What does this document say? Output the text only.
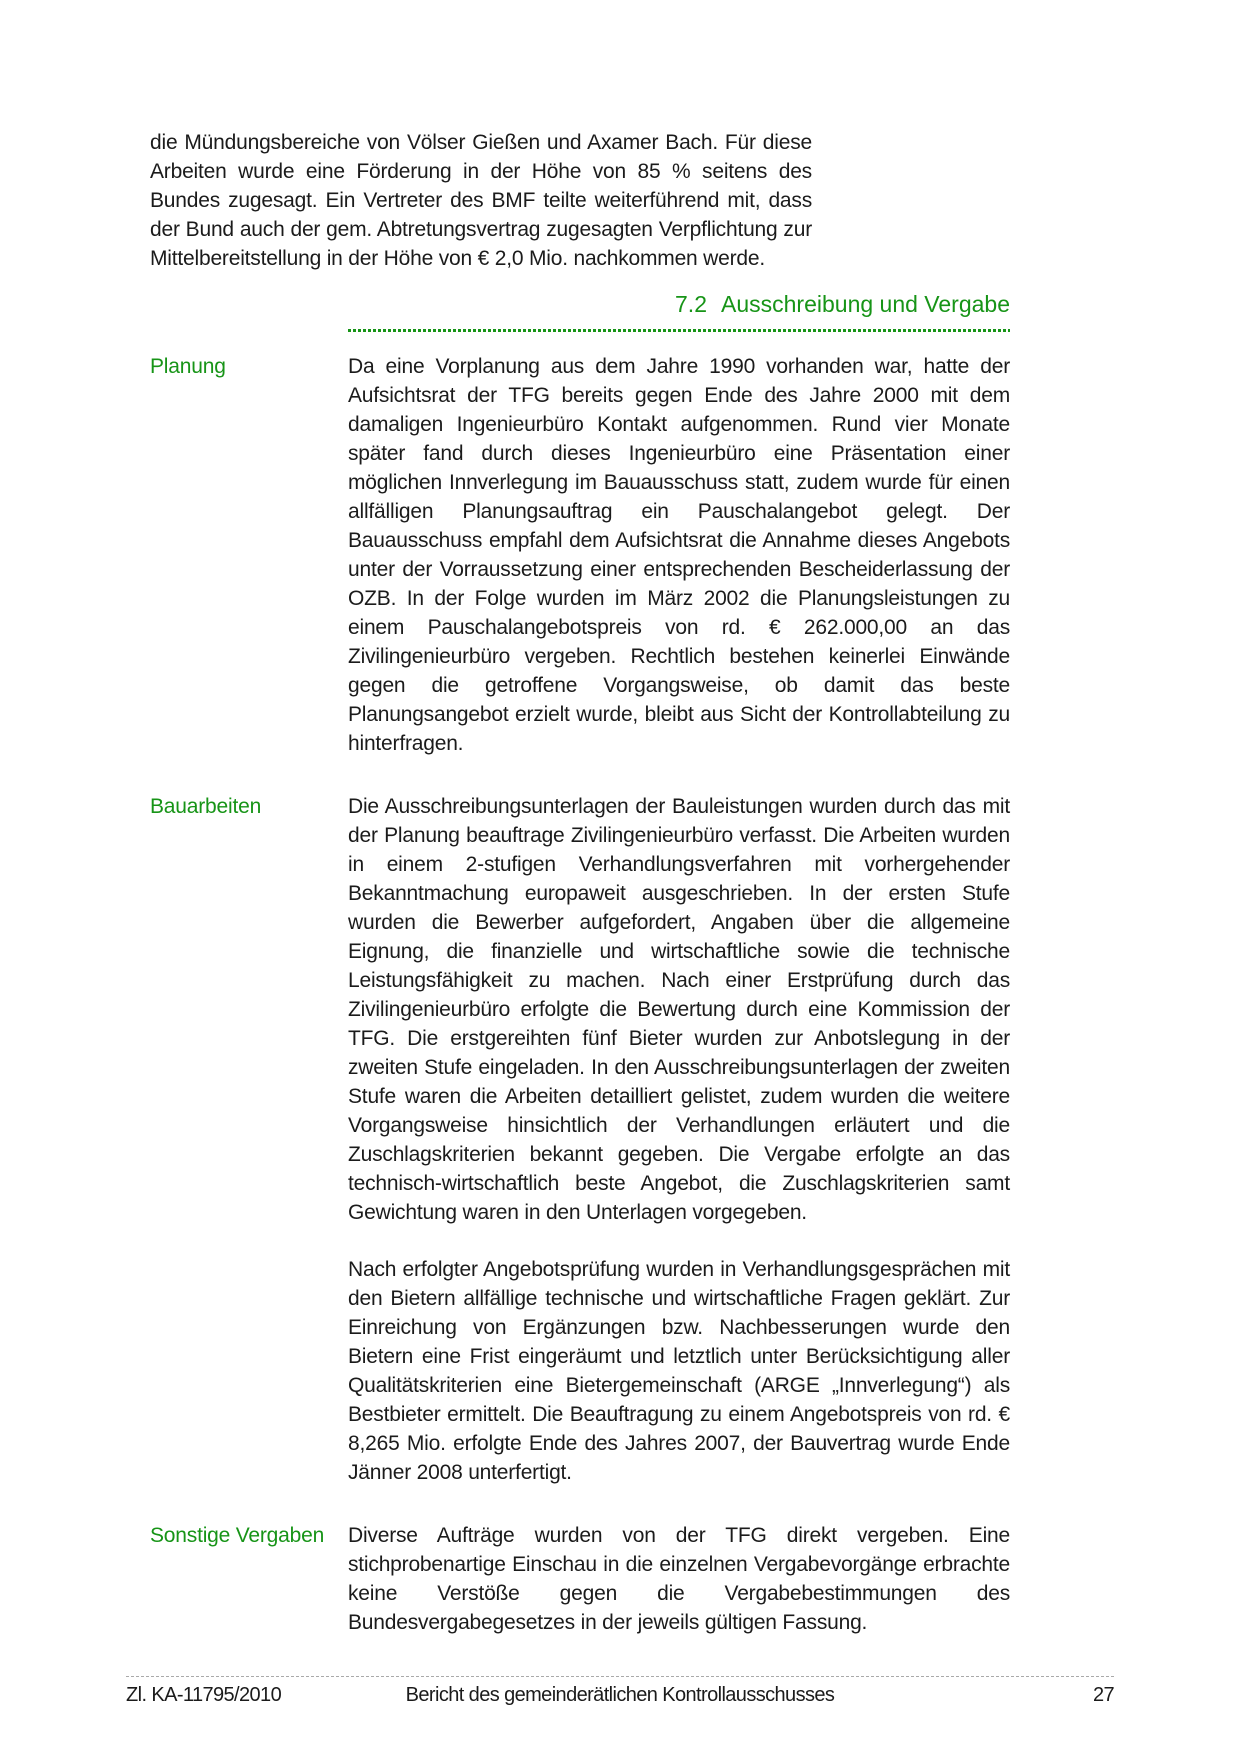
die Mündungsbereiche von Völser Gießen und Axamer Bach. Für diese Arbeiten wurde eine Förderung in der Höhe von 85 % seitens des Bundes zugesagt. Ein Vertreter des BMF teilte weiterführend mit, dass der Bund auch der gem. Abtretungsvertrag zugesagten Verpflichtung zur Mittelbereitstellung in der Höhe von € 2,0 Mio. nachkommen werde.

7.2 Ausschreibung und Vergabe
Planung	Da eine Vorplanung aus dem Jahre 1990 vorhanden war, hatte der Aufsichtsrat der TFG bereits gegen Ende des Jahre 2000 mit dem damaligen Ingenieurbüro Kontakt aufgenommen. Rund vier Monate später fand durch dieses Ingenieurbüro eine Präsentation einer möglichen Innverlegung im Bauausschuss statt, zudem wurde für einen allfälligen Planungsauftrag ein Pauschalangebot gelegt. Der Bauausschuss empfahl dem Aufsichtsrat die Annahme dieses Angebots unter der Vorraussetzung einer entsprechenden Bescheiderlassung der OZB. In der Folge wurden im März 2002 die Planungsleistungen zu einem Pauschalangebotspreis von rd. € 262.000,00 an das Zivilingenieurbüro vergeben. Rechtlich bestehen keinerlei Einwände gegen die getroffene Vorgangsweise, ob damit das beste Planungsangebot erzielt wurde, bleibt aus Sicht der Kontrollabteilung zu hinterfragen.

Bauarbeiten	Die Ausschreibungsunterlagen der Bauleistungen wurden durch das mit der Planung beauftrage Zivilingenieurbüro verfasst. Die Arbeiten wurden in einem 2-stufigen Verhandlungsverfahren mit vorhergehender Bekanntmachung europaweit ausgeschrieben. In der ersten Stufe wurden die Bewerber aufgefordert, Angaben über die allgemeine Eignung, die finanzielle und wirtschaftliche sowie die technische Leistungsfähigkeit zu machen. Nach einer Erstprüfung durch das Zivilingenieurbüro erfolgte die Bewertung durch eine Kommission der TFG. Die erstgereihten fünf Bieter wurden zur Anbotslegung in der zweiten Stufe eingeladen. In den Ausschreibungsunterlagen der zweiten Stufe waren die Arbeiten detailliert gelistet, zudem wurden die weitere Vorgangsweise hinsichtlich der Verhandlungen erläutert und die Zuschlagskriterien bekannt gegeben. Die Vergabe erfolgte an das technisch-wirtschaftlich beste Angebot, die Zuschlagskriterien samt Gewichtung waren in den Unterlagen vorgegeben.

Nach erfolgter Angebotsprüfung wurden in Verhandlungsgesprächen mit den Bietern allfällige technische und wirtschaftliche Fragen geklärt. Zur Einreichung von Ergänzungen bzw. Nachbesserungen wurde den Bietern eine Frist eingeräumt und letztlich unter Berücksichtigung aller Qualitätskriterien eine Bietergemeinschaft (ARGE „Innverlegung“) als Bestbieter ermittelt. Die Beauftragung zu einem Angebotspreis von rd. € 8,265 Mio. erfolgte Ende des Jahres 2007, der Bauvertrag wurde Ende Jänner 2008 unterfertigt.

Sonstige Vergaben	Diverse Aufträge wurden von der TFG direkt vergeben. Eine stichprobenartige Einschau in die einzelnen Vergabevorgänge erbrachte keine Verstöße gegen die Vergabebestimmungen des Bundesvergabegesetzes in der jeweils gültigen Fassung.

Zl. KA-11795/2010	Bericht des gemeinderätlichen Kontrollausschusses	27
